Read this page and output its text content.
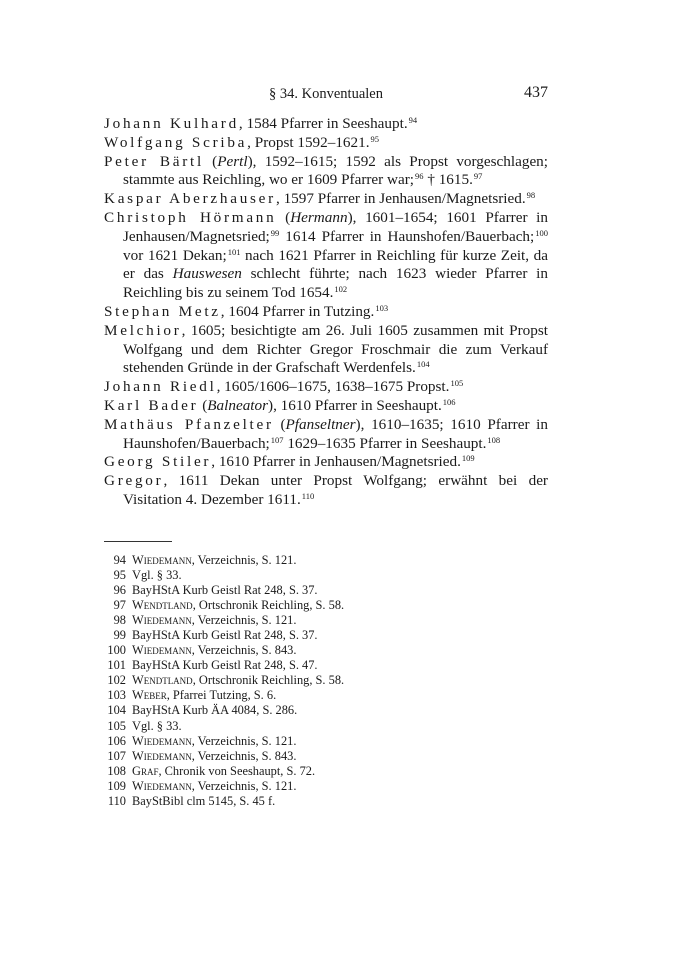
§ 34. Konventualen	437

Johann Kulhard, 1584 Pfarrer in Seeshaupt.$^{94}$

Wolfgang Scriba, Propst 1592–1621.95

Peter Bärtl (Pertl), 1592–1615; 1592 als Propst vorgeschlagen; stammte aus Reichling, wo er 1609 Pfarrer war;$^{96}$ † 1615.97

Kaspar Aberzhauser, 1597 Pfarrer in Jenhausen/Magnetsried.$^{98}$

Christoph Hörmann (Hermann), 1601–1654; 1601 Pfarrer in Jenhausen/Magnetsried;$^{99}$ 1614 Pfarrer in Haunshofen/Bauerbach;$^{100}$ vor 1621 Dekan;$^{101}$ nach 1621 Pfarrer in Reichling für kurze Zeit, da er das Hauswesen schlecht führte; nach 1623 wieder Pfarrer in Reichling bis zu seinem Tod 1654.$^{102}$

Stephan Metz, 1604 Pfarrer in Tutzing.$^{103}$

Melchior, 1605; besichtigte am 26. Juli 1605 zusammen mit Propst Wolfgang und dem Richter Gregor Froschmair die zum Verkauf stehenden Gründe in der Grafschaft Werdenfels.$^{104}$

Johann Riedl, 1605/1606–1675, 1638–1675 Propst.$^{105}$

Karl Bader (Balneator), 1610 Pfarrer in Seeshaupt.$^{106}$

Mathäus Pfanzelter (Pfanseltner), 1610–1635; 1610 Pfarrer in Haunshofen/Bauerbach;$^{107}$ 1629–1635 Pfarrer in Seeshaupt.$^{108}$

Georg Stiler, 1610 Pfarrer in Jenhausen/Magnetsried.$^{109}$

Gregor, 1611 Dekan unter Propst Wolfgang; erwähnt bei der Visitation 4. Dezember 1611.$^{110}$

94 Wiedemann, Verzeichnis, S. 121.
95 Vgl. § 33.
96 BayHStA Kurb Geistl Rat 248, S. 37.
97 Wendtland, Ortschronik Reichling, S. 58.
98 Wiedemann, Verzeichnis, S. 121.
99 BayHStA Kurb Geistl Rat 248, S. 37.
100 Wiedemann, Verzeichnis, S. 843.
101 BayHStA Kurb Geistl Rat 248, S. 47.
102 Wendtland, Ortschronik Reichling, S. 58.
103 Weber, Pfarrei Tutzing, S. 6.
104 BayHStA Kurb ÄA 4084, S. 286.
105 Vgl. § 33.
106 Wiedemann, Verzeichnis, S. 121.
107 Wiedemann, Verzeichnis, S. 843.
108 Graf, Chronik von Seeshaupt, S. 72.
109 Wiedemann, Verzeichnis, S. 121.
110 BayStBibl clm 5145, S. 45 f.
